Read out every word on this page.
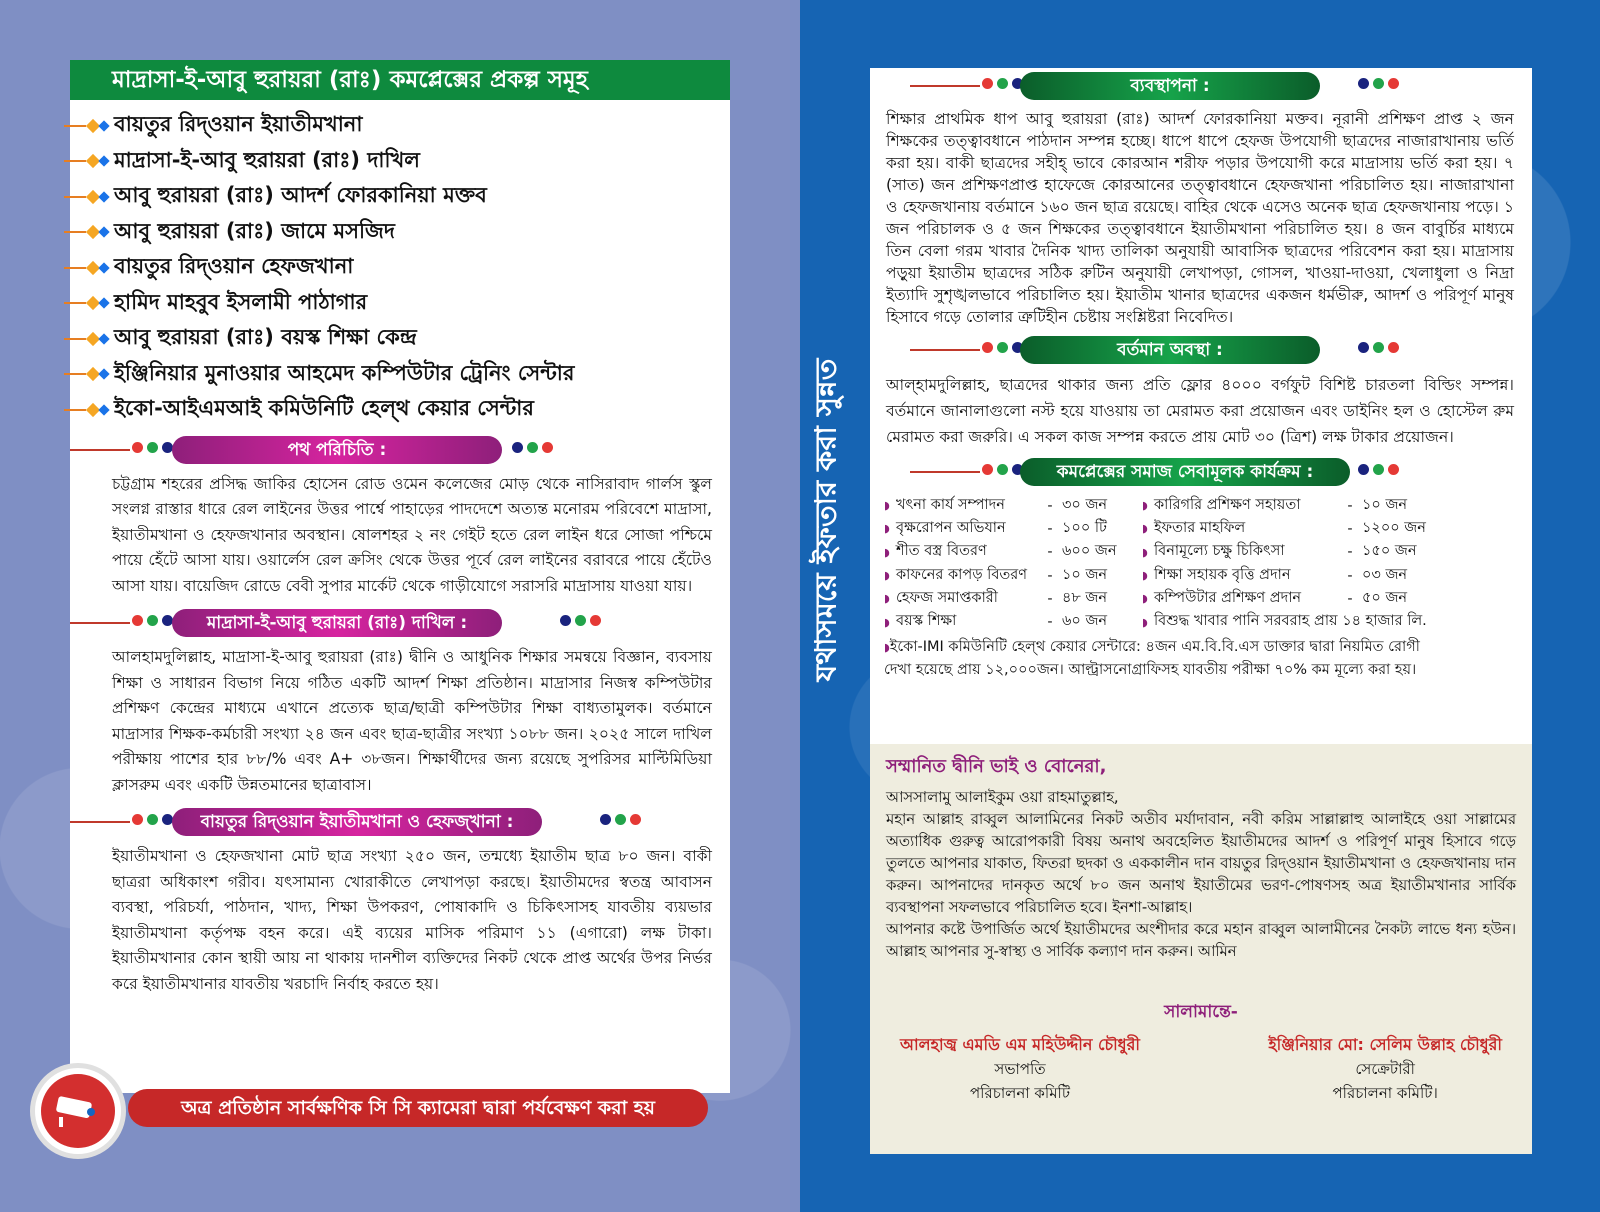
মাদ্রাসা-ই-আবু হুরায়রা (রাঃ) কমপ্লেক্সের প্রকল্প সমূহ
বায়তুর রিদ্‌ওয়ান ইয়াতীমখানা
মাদ্রাসা-ই-আবু হুরায়রা (রাঃ) দাখিল
আবু হুরায়রা (রাঃ) আদর্শ ফোরকানিয়া মক্তব
আবু হুরায়রা (রাঃ) জামে মসজিদ
বায়তুর রিদ্‌ওয়ান হেফজখানা
হামিদ মাহবুব ইসলামী পাঠাগার
আবু হুরায়রা (রাঃ) বয়স্ক শিক্ষা কেন্দ্র
ইঞ্জিনিয়ার মুনাওয়ার আহমেদ কম্পিউটার ট্রেনিং সেন্টার
ইকো-আইএমআই কমিউনিটি হেল্‌থ কেয়ার সেন্টার
পথ পরিচিতি :

চট্টগ্রাম শহরের প্রসিদ্ধ জাকির হোসেন রোড ওমেন কলেজের মোড় থেকে নাসিরাবাদ গার্লস স্কুল সংলগ্ন রাস্তার ধারে রেল লাইনের উত্তর পার্শ্বে পাহাড়ের পাদদেশে অত্যন্ত মনোরম পরিবেশে মাদ্রাসা, ইয়াতীমখানা ও হেফজখানার অবস্থান। ষোলশহর ২ নং গেইট হতে রেল লাইন ধরে সোজা পশ্চিমে পায়ে হেঁটে আসা যায়। ওয়ার্লেস রেল ক্রসিং থেকে উত্তর পূর্বে রেল লাইনের বরাবরে পায়ে হেঁটেও আসা যায়। বায়েজিদ রোডে বেবী সুপার মার্কেট থেকে গাড়ীযোগে সরাসরি মাদ্রাসায় যাওয়া যায়।

মাদ্রাসা-ই-আবু হুরায়রা (রাঃ) দাখিল :

আলহামদুলিল্লাহ, মাদ্রাসা-ই-আবু হুরায়রা (রাঃ) দ্বীনি ও আধুনিক শিক্ষার সমন্বয়ে বিজ্ঞান, ব্যবসায় শিক্ষা ও সাধারন বিভাগ নিয়ে গঠিত একটি আদর্শ শিক্ষা প্রতিষ্ঠান। মাদ্রাসার নিজস্ব কম্পিউটার প্রশিক্ষণ কেন্দ্রের মাধ্যমে এখানে প্রত্যেক ছাত্র/ছাত্রী কম্পিউটার শিক্ষা বাধ্যতামুলক। বর্তমানে মাদ্রাসার শিক্ষক-কর্মচারী সংখ্যা ২৪ জন এবং ছাত্র-ছাত্রীর সংখ্যা ১০৮৮ জন। ২০২৫ সালে দাখিল পরীক্ষায় পাশের হার ৮৮/% এবং A+ ৩৮জন। শিক্ষার্থীদের জন্য রয়েছে সুপরিসর মাল্টিমিডিয়া ক্লাসরুম এবং একটি উন্নতমানের ছাত্রাবাস।

বায়তুর রিদ্‌ওয়ান ইয়াতীমখানা ও হেফজ্‌খানা :

ইয়াতীমখানা ও হেফজখানা মোট ছাত্র সংখ্যা ২৫০ জন, তন্মধ্যে ইয়াতীম ছাত্র ৮০ জন। বাকী ছাত্ররা অধিকাংশ গরীব। যৎসামান্য খোরাকীতে লেখাপড়া করছে। ইয়াতীমদের স্বতন্ত্র আবাসন ব্যবস্থা, পরিচর্যা, পাঠদান, খাদ্য, শিক্ষা উপকরণ, পোষাকাদি ও চিকিৎসাসহ যাবতীয় ব্যয়ভার ইয়াতীমখানা কর্তৃপক্ষ বহন করে। এই ব্যয়ের মাসিক পরিমাণ ১১ (এগারো) লক্ষ টাকা। ইয়াতীমখানার কোন স্থায়ী আয় না থাকায় দানশীল ব্যক্তিদের নিকট থেকে প্রাপ্ত অর্থের উপর নির্ভর করে ইয়াতীমখানার যাবতীয় খরচাদি নির্বাহ করতে হয়।

অত্র প্রতিষ্ঠান সার্বক্ষণিক সি সি ক্যামেরা দ্বারা পর্যবেক্ষণ করা হয়
যথাসময়ে ইফতার করা সুন্নত
ব্যবস্থাপনা :

শিক্ষার প্রাথমিক ধাপ আবু হুরায়রা (রাঃ) আদর্শ ফোরকানিয়া মক্তব। নূরানী প্রশিক্ষণ প্রাপ্ত ২ জন শিক্ষকের তত্ত্বাবধানে পাঠদান সম্পন্ন হচ্ছে। ধাপে ধাপে হেফজ উপযোগী ছাত্রদের নাজারাখানায় ভর্তি করা হয়। বাকী ছাত্রদের সহীহ্ ভাবে কোরআন শরীফ পড়ার উপযোগী করে মাদ্রাসায় ভর্তি করা হয়। ৭ (সাত) জন প্রশিক্ষণপ্রাপ্ত হাফেজে কোরআনের তত্ত্বাবধানে হেফজখানা পরিচালিত হয়। নাজারাখানা ও হেফজখানায় বর্তমানে ১৬০ জন ছাত্র রয়েছে। বাহির থেকে এসেও অনেক ছাত্র হেফজখানায় পড়ে। ১ জন পরিচালক ও ৫ জন শিক্ষকের তত্ত্বাবধানে ইয়াতীমখানা পরিচালিত হয়। ৪ জন বাবুর্চির মাধ্যমে তিন বেলা গরম খাবার দৈনিক খাদ্য তালিকা অনুযায়ী আবাসিক ছাত্রদের পরিবেশন করা হয়। মাদ্রাসায় পড়ুয়া ইয়াতীম ছাত্রদের সঠিক রুটিন অনুযায়ী লেখাপড়া, গোসল, খাওয়া-দাওয়া, খেলাধুলা ও নিদ্রা ইত্যাদি সুশৃঙ্খলভাবে পরিচালিত হয়। ইয়াতীম খানার ছাত্রদের একজন ধর্মভীরু, আদর্শ ও পরিপূর্ণ মানুষ হিসাবে গড়ে তোলার ত্রুটিহীন চেষ্টায় সংশ্লিষ্টরা নিবেদিত।

বর্তমান অবস্থা :

আল্‌হামদুলিল্লাহ, ছাত্রদের থাকার জন্য প্রতি ফ্লোর ৪০০০ বর্গফুট বিশিষ্ট চারতলা বিল্ডিং সম্পন্ন। বর্তমানে জানালাগুলো নস্ট হয়ে যাওয়ায় তা মেরামত করা প্রয়োজন এবং ডাইনিং হল ও হোস্টেল রুম মেরামত করা জরুরি। এ সকল কাজ সম্পন্ন করতে প্রায় মোট ৩০ (ত্রিশ) লক্ষ টাকার প্রয়োজন।

কমপ্লেক্সের সমাজ সেবামূলক কার্যক্রম :
◗ খৎনা কার্য সম্পাদন	- ৩০ জন
◗ বৃক্ষরোপন অভিযান	- ১০০ টি
◗ শীত বস্ত্র বিতরণ	- ৬০০ জন
◗ কাফনের কাপড় বিতরণ	- ১০ জন
◗ হেফজ সমাপ্তকারী	- ৪৮ জন
◗ বয়স্ক শিক্ষা	- ৬০ জন
◗ কারিগরি প্রশিক্ষণ সহায়তা	- ১০ জন
◗ ইফতার মাহফিল	- ১২০০ জন
◗ বিনামূল্যে চক্ষু চিকিৎসা	- ১৫০ জন
◗ শিক্ষা সহায়ক বৃত্তি প্রদান	- ০৩ জন
◗ কম্পিউটার প্রশিক্ষণ প্রদান	- ৫০ জন
◗ বিশুদ্ধ খাবার পানি সরবরাহ প্রায় ১৪ হাজার লি.
◗ইকো-IMI কমিউনিটি হেল্‌থ কেয়ার সেন্টারে: ৪জন এম.বি.বি.এস ডাক্তার দ্বারা নিয়মিত রোগী
দেখা হয়েছে প্রায় ১২,০০০জন। আল্ট্রাসনোগ্রাফিসহ যাবতীয় পরীক্ষা ৭০% কম মূল্যে করা হয়।
সম্মানিত দ্বীনি ভাই ও বোনেরা,
আসসালামু আলাইকুম ওয়া রাহমাতুল্লাহ,
মহান আল্লাহ রাব্বুল আলামিনের নিকট অতীব মর্যাদাবান, নবী করিম সাল্লাল্লাহু আলাইহে ওয়া সাল্লামের অত্যাধিক গুরুত্ব আরোপকারী বিষয় অনাথ অবহেলিত ইয়াতীমদের আদর্শ ও পরিপূর্ণ মানুষ হিসাবে গড়ে তুলতে আপনার যাকাত, ফিতরা ছদকা ও এককালীন দান বায়তুর রিদ্‌ওয়ান ইয়াতীমখানা ও হেফজখানায় দান করুন। আপনাদের দানকৃত অর্থে ৮০ জন অনাথ ইয়াতীমের ভরণ-পোষণসহ অত্র ইয়াতীমখানার সার্বিক ব্যবস্থাপনা সফলভাবে পরিচালিত হবে। ইনশা-আল্লাহ।
আপনার কষ্টে উপার্জিত অর্থে ইয়াতীমদের অংশীদার করে মহান রাব্বুল আলামীনের নৈকট্য লাভে ধন্য হউন। আল্লাহ আপনার সু-স্বাস্থ্য ও সার্বিক কল্যাণ দান করুন। আমিন
সালামান্তে-
আলহাজ্ব এমডি এম মহিউদ্দীন চৌধুরী
সভাপতি
পরিচালনা কমিটি
ইঞ্জিনিয়ার মো: সেলিম উল্লাহ চৌধুরী
সেক্রেটারী
পরিচালনা কমিটি।
